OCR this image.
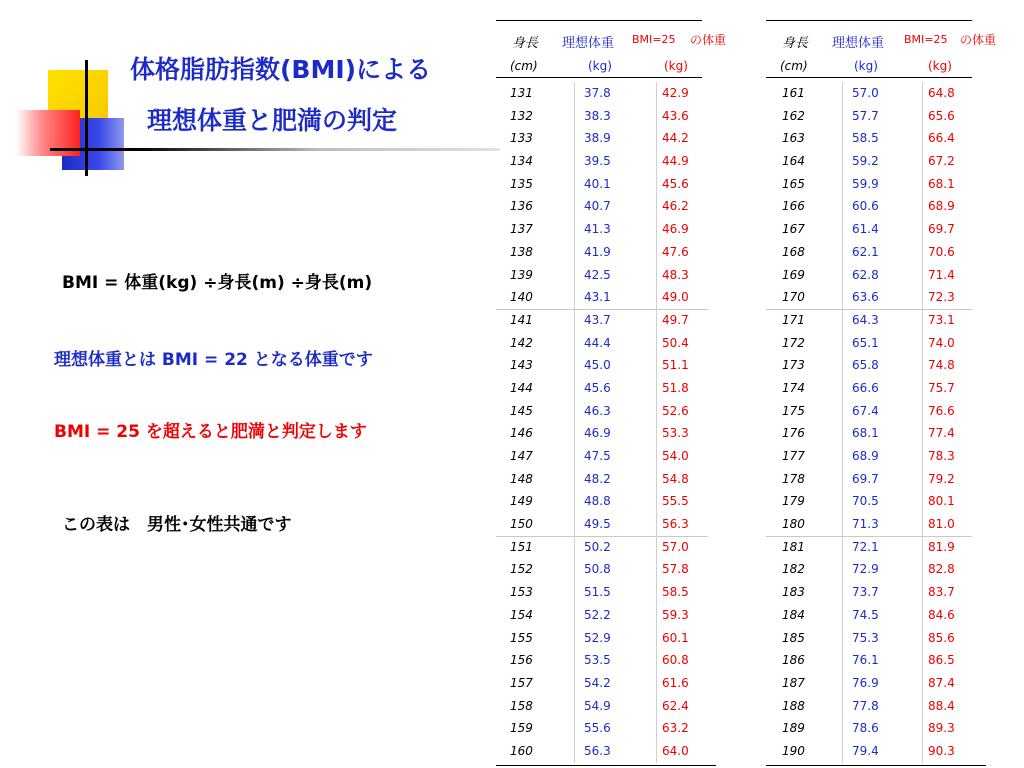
体格脂肪指数(BMI)による
理想体重と肥満の判定
BMI = 体重(kg) ÷身長(m) ÷身長(m)
理想体重とは BMI = 22 となる体重です
BMI = 25 を超えると肥満と判定します
この表は　男性･女性共通です
身長 理想体重 BMI=25 の体重
(cm)	(kg)	(kg)
131	37.8	42.9
132	38.3	43.6
133	38.9	44.2
134	39.5	44.9
135	40.1	45.6
136	40.7	46.2
137	41.3	46.9
138	41.9	47.6
139	42.5	48.3
140	43.1	49.0
141	43.7	49.7
142	44.4	50.4
143	45.0	51.1
144	45.6	51.8
145	46.3	52.6
146	46.9	53.3
147	47.5	54.0
148	48.2	54.8
149	48.8	55.5
150	49.5	56.3
151	50.2	57.0
152	50.8	57.8
153	51.5	58.5
154	52.2	59.3
155	52.9	60.1
156	53.5	60.8
157	54.2	61.6
158	54.9	62.4
159	55.6	63.2
160	56.3	64.0
身長 理想体重 BMI=25 の体重
(cm)	(kg)	(kg)
161	57.0	64.8
162	57.7	65.6
163	58.5	66.4
164	59.2	67.2
165	59.9	68.1
166	60.6	68.9
167	61.4	69.7
168	62.1	70.6
169	62.8	71.4
170	63.6	72.3
171	64.3	73.1
172	65.1	74.0
173	65.8	74.8
174	66.6	75.7
175	67.4	76.6
176	68.1	77.4
177	68.9	78.3
178	69.7	79.2
179	70.5	80.1
180	71.3	81.0
181	72.1	81.9
182	72.9	82.8
183	73.7	83.7
184	74.5	84.6
185	75.3	85.6
186	76.1	86.5
187	76.9	87.4
188	77.8	88.4
189	78.6	89.3
190	79.4	90.3
